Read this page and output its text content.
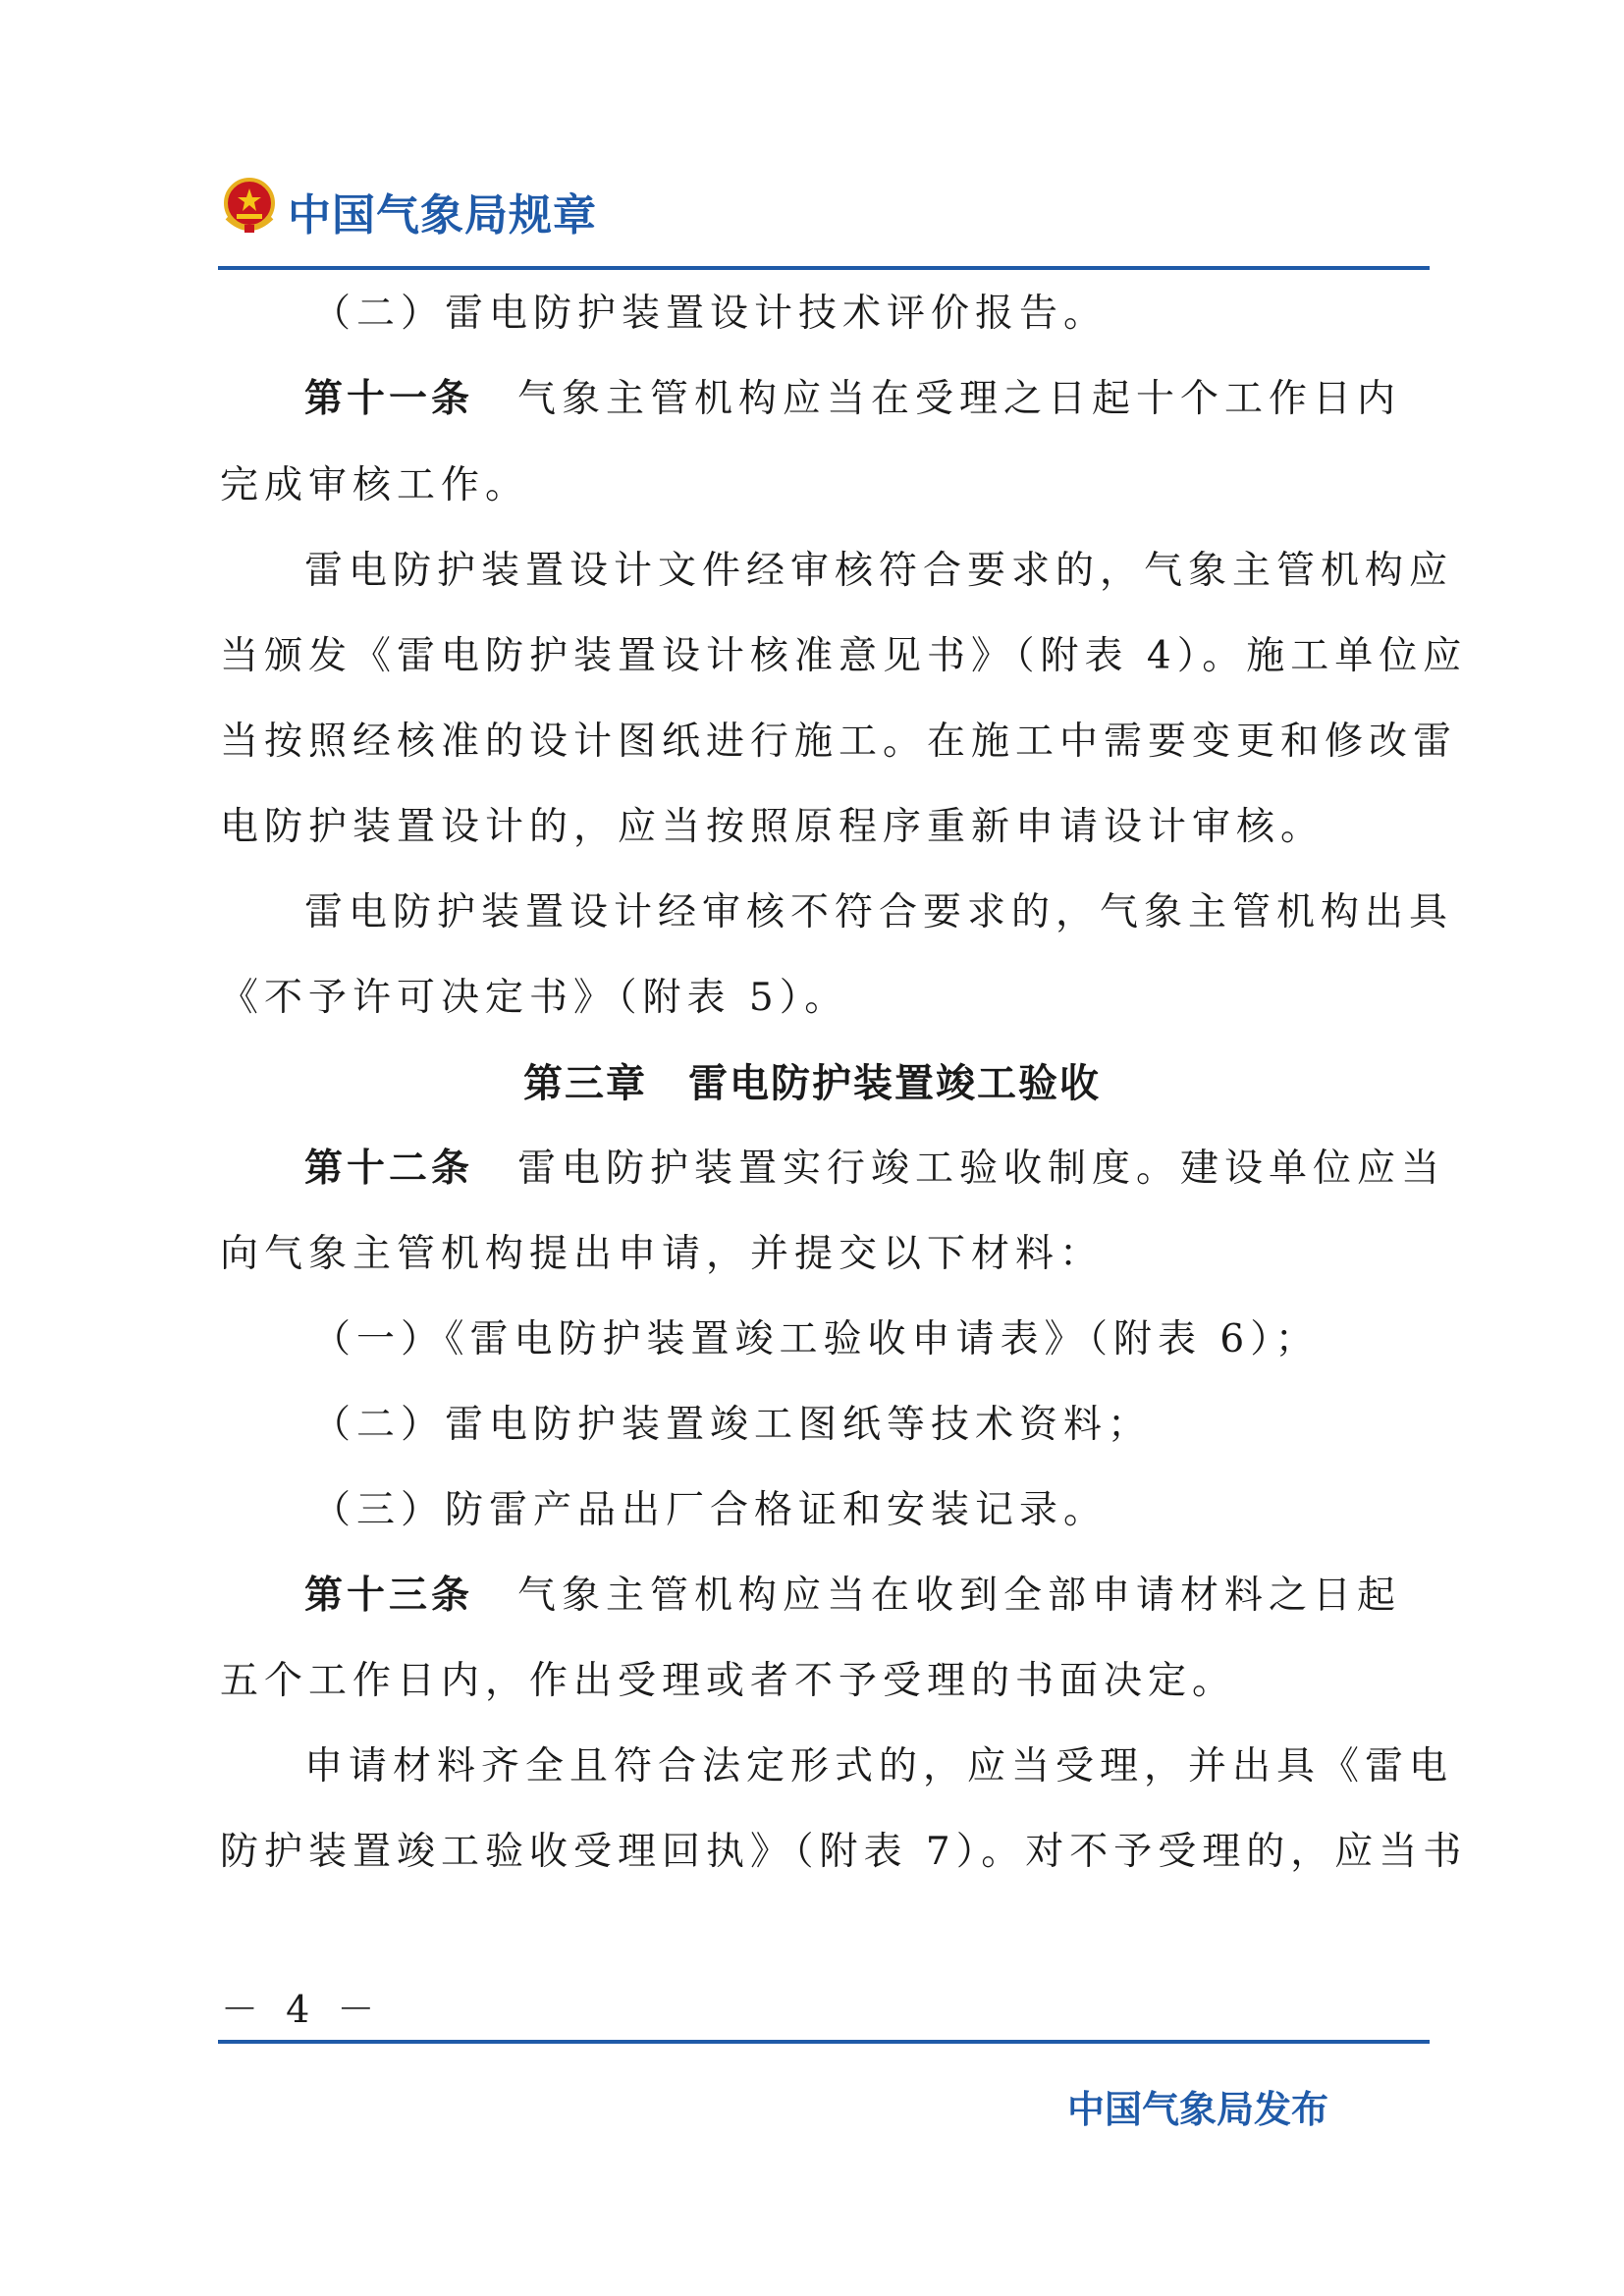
中国气象局规章
（二）雷电防护装置设计技术评价报告。
第十一条　气象主管机构应当在受理之日起十个工作日内
完成审核工作。
雷电防护装置设计文件经审核符合要求的，气象主管机构应
当颁发《雷电防护装置设计核准意见书》（附表 4）。施工单位应
当按照经核准的设计图纸进行施工。在施工中需要变更和修改雷
电防护装置设计的，应当按照原程序重新申请设计审核。
雷电防护装置设计经审核不符合要求的，气象主管机构出具
《不予许可决定书》（附表 5）。
第三章　雷电防护装置竣工验收
第十二条　雷电防护装置实行竣工验收制度。建设单位应当
向气象主管机构提出申请，并提交以下材料：
（一）《雷电防护装置竣工验收申请表》（附表 6）；
（二）雷电防护装置竣工图纸等技术资料；
（三）防雷产品出厂合格证和安装记录。
第十三条　气象主管机构应当在收到全部申请材料之日起
五个工作日内，作出受理或者不予受理的书面决定。
申请材料齐全且符合法定形式的，应当受理，并出具《雷电
防护装置竣工验收受理回执》（附表 7）。对不予受理的，应当书
－ 4 －
中国气象局发布
